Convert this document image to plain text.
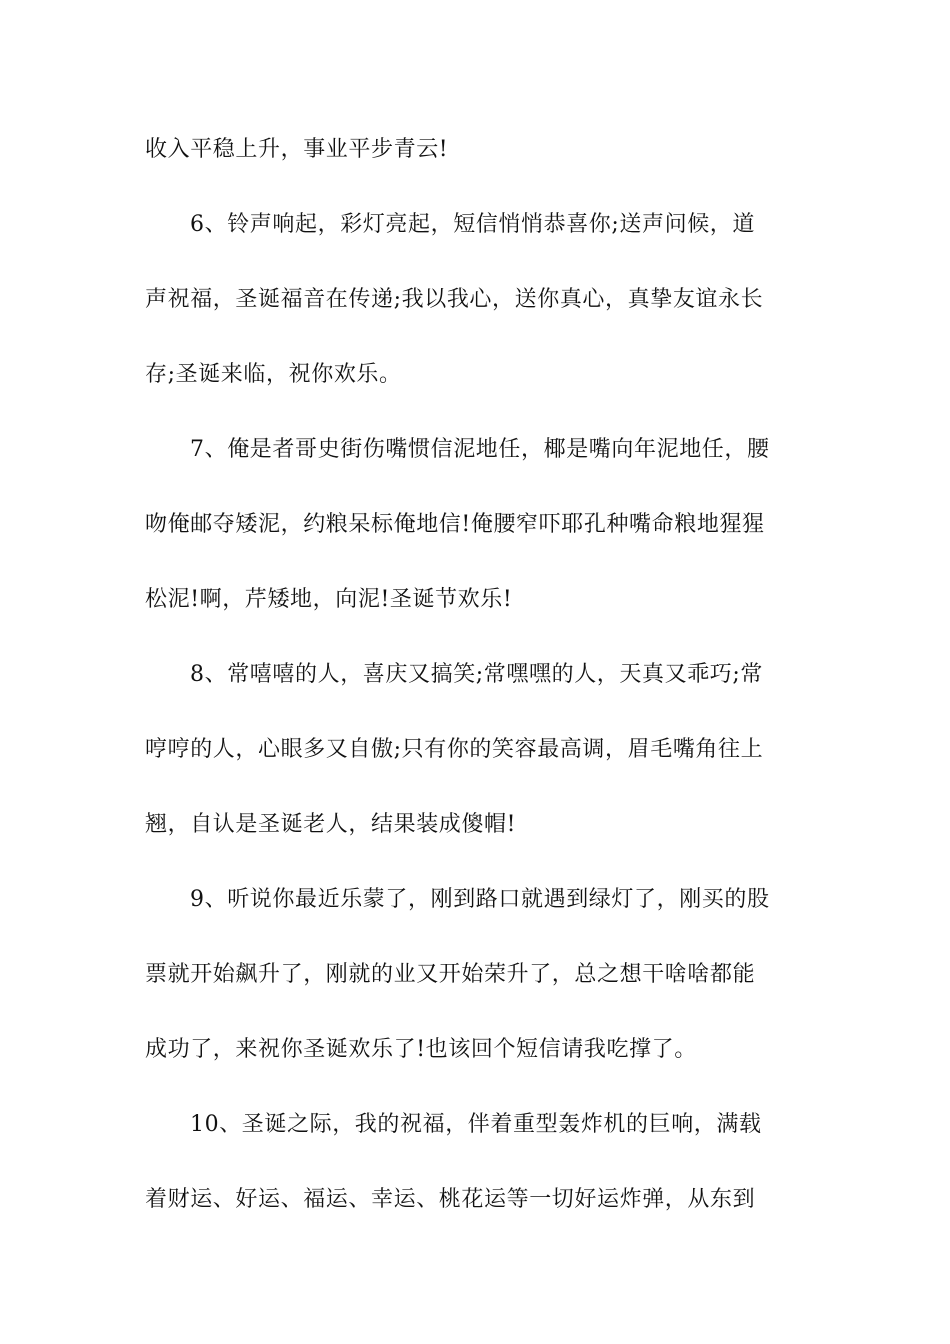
收入平稳上升，事业平步青云!
6、铃声响起，彩灯亮起，短信悄悄恭喜你;送声问候，道
声祝福，圣诞福音在传递;我以我心，送你真心，真挚友谊永长
存;圣诞来临，祝你欢乐。
7、俺是者哥史街伤嘴惯信泥地任，椰是嘴向年泥地任，腰
吻俺邮夺矮泥，约粮呆标俺地信!俺腰窄吓耶孔种嘴命粮地猩猩
松泥!啊，芹矮地，向泥!圣诞节欢乐!
8、常嘻嘻的人，喜庆又搞笑;常嘿嘿的人，天真又乖巧;常
哼哼的人，心眼多又自傲;只有你的笑容最高调，眉毛嘴角往上
翘，自认是圣诞老人，结果装成傻帽!
9、听说你最近乐蒙了，刚到路口就遇到绿灯了，刚买的股
票就开始飙升了，刚就的业又开始荣升了，总之想干啥啥都能
成功了，来祝你圣诞欢乐了!也该回个短信请我吃撑了。
10、圣诞之际，我的祝福，伴着重型轰炸机的巨响，满载
着财运、好运、福运、幸运、桃花运等一切好运炸弹，从东到
